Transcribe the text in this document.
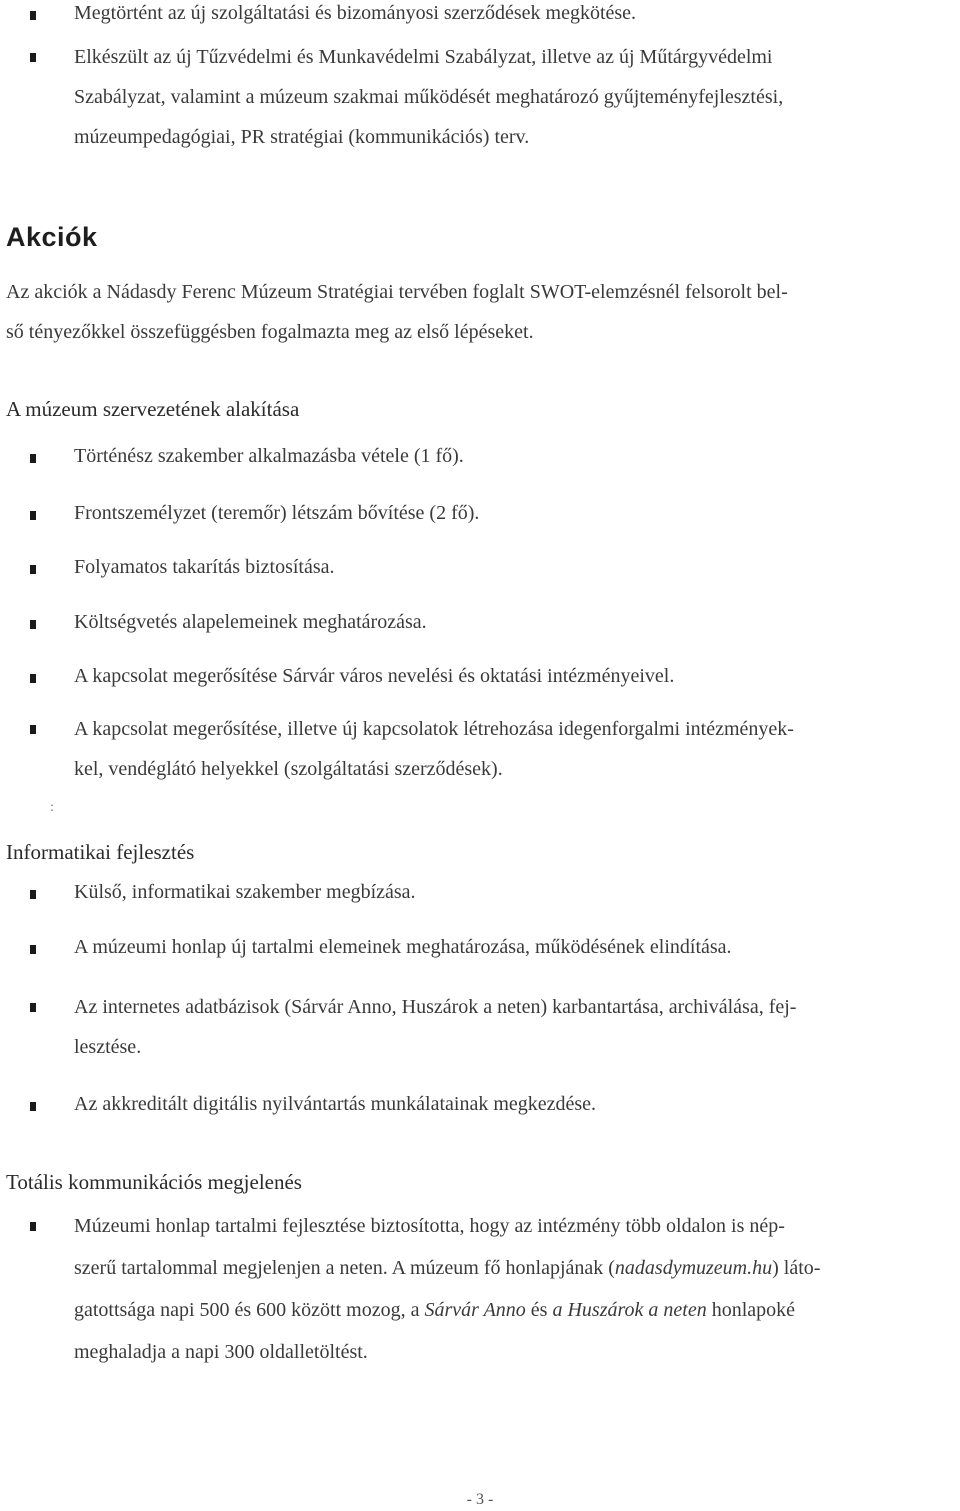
Megtörtént az új szolgáltatási és bizományosi szerződések megkötése.
Elkészült az új Tűzvédelmi és Munkavédelmi Szabályzat, illetve az új Műtárgyvédelmi
Szabályzat, valamint a múzeum szakmai működését meghatározó gyűjteményfejlesztési,
múzeumpedagógiai, PR stratégiai (kommunikációs) terv.
Akciók
Az akciók a Nádasdy Ferenc Múzeum Stratégiai tervében foglalt SWOT-elemzésnél felsorolt bel-
ső tényezőkkel összefüggésben fogalmazta meg az első lépéseket.
A múzeum szervezetének alakítása
Történész szakember alkalmazásba vétele (1 fő).
Frontszemélyzet (teremőr) létszám bővítése (2 fő).
Folyamatos takarítás biztosítása.
Költségvetés alapelemeinek meghatározása.
A kapcsolat megerősítése Sárvár város nevelési és oktatási intézményeivel.
A kapcsolat megerősítése, illetve új kapcsolatok létrehozása idegenforgalmi intézmények-
kel, vendéglátó helyekkel (szolgáltatási szerződések).
:
Informatikai fejlesztés
Külső, informatikai szakember megbízása.
A múzeumi honlap új tartalmi elemeinek meghatározása, működésének elindítása.
Az internetes adatbázisok (Sárvár Anno, Huszárok a neten) karbantartása, archiválása, fej-
lesztése.
Az akkreditált digitális nyilvántartás munkálatainak megkezdése.
Totális kommunikációs megjelenés
Múzeumi honlap tartalmi fejlesztése biztosította, hogy az intézmény több oldalon is nép-
szerű tartalommal megjelenjen a neten. A múzeum fő honlapjának (nadasdymuzeum.hu) láto-
gatottsága napi 500 és 600 között mozog, a Sárvár Anno és a Huszárok a neten honlapoké
meghaladja a napi 300 oldalletöltést.
- 3 -
